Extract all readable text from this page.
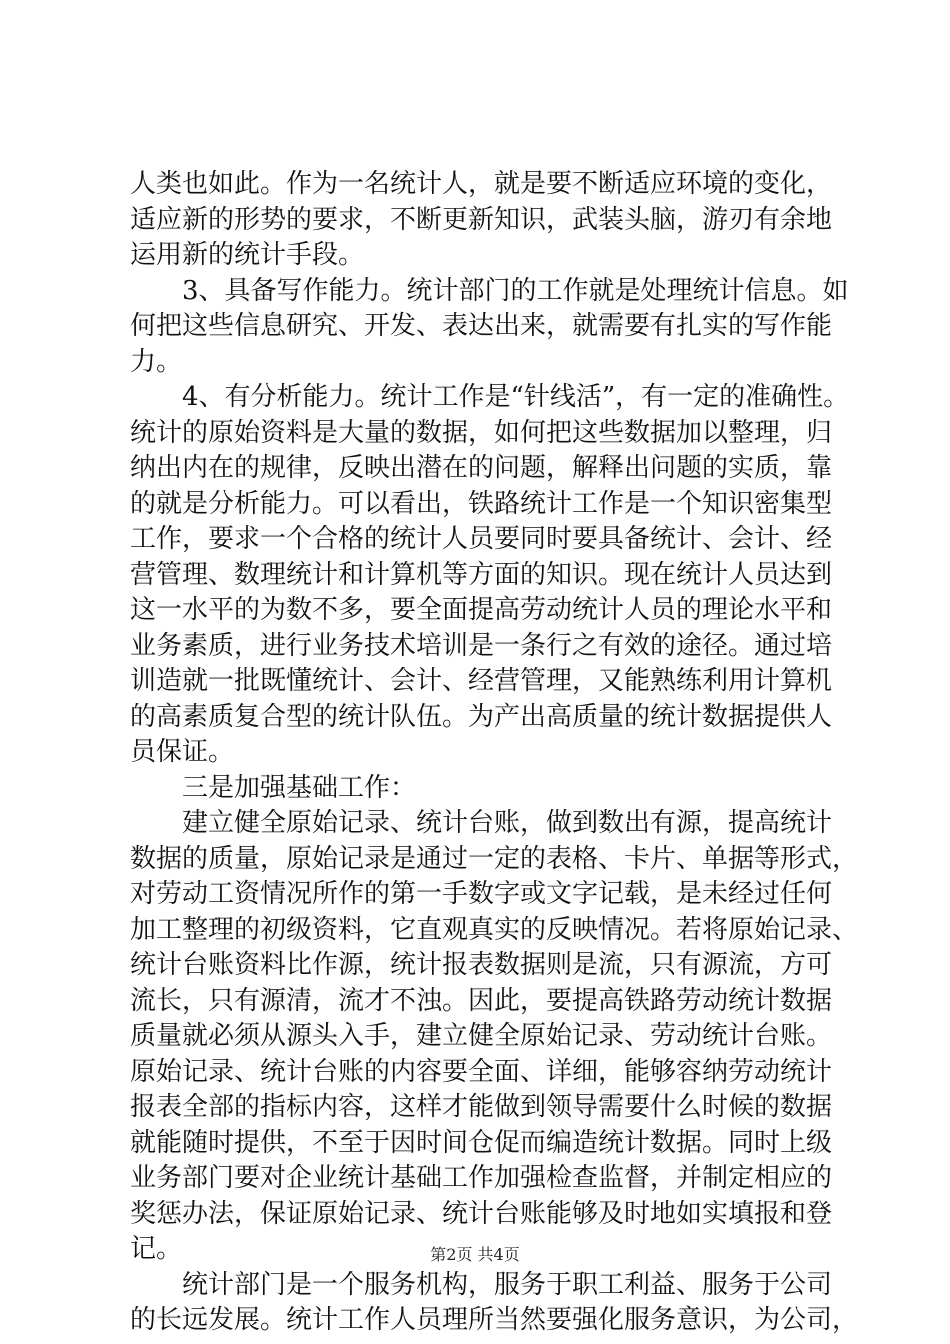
人类也如此。作为一名统计人，就是要不断适应环境的变化，
适应新的形势的要求，不断更新知识，武装头脑，游刃有余地
运用新的统计手段。
　　3、具备写作能力。统计部门的工作就是处理统计信息。如
何把这些信息研究、开发、表达出来，就需要有扎实的写作能
力。
　　4、有分析能力。统计工作是“针线活”，有一定的准确性。
统计的原始资料是大量的数据，如何把这些数据加以整理，归
纳出内在的规律，反映出潜在的问题，解释出问题的实质，靠
的就是分析能力。可以看出，铁路统计工作是一个知识密集型
工作，要求一个合格的统计人员要同时要具备统计、会计、经
营管理、数理统计和计算机等方面的知识。现在统计人员达到
这一水平的为数不多，要全面提高劳动统计人员的理论水平和
业务素质，进行业务技术培训是一条行之有效的途径。通过培
训造就一批既懂统计、会计、经营管理，又能熟练利用计算机
的高素质复合型的统计队伍。为产出高质量的统计数据提供人
员保证。
　　三是加强基础工作：
　　建立健全原始记录、统计台账，做到数出有源，提高统计
数据的质量，原始记录是通过一定的表格、卡片、单据等形式，
对劳动工资情况所作的第一手数字或文字记载，是未经过任何
加工整理的初级资料，它直观真实的反映情况。若将原始记录、
统计台账资料比作源，统计报表数据则是流，只有源流，方可
流长，只有源清，流才不浊。因此，要提高铁路劳动统计数据
质量就必须从源头入手，建立健全原始记录、劳动统计台账。
原始记录、统计台账的内容要全面、详细，能够容纳劳动统计
报表全部的指标内容，这样才能做到领导需要什么时候的数据
就能随时提供，不至于因时间仓促而编造统计数据。同时上级
业务部门要对企业统计基础工作加强检查监督，并制定相应的
奖惩办法，保证原始记录、统计台账能够及时地如实填报和登
记。
　　统计部门是一个服务机构，服务于职工利益、服务于公司
的长远发展。统计工作人员理所当然要强化服务意识，为公司，
第2页 共4页
